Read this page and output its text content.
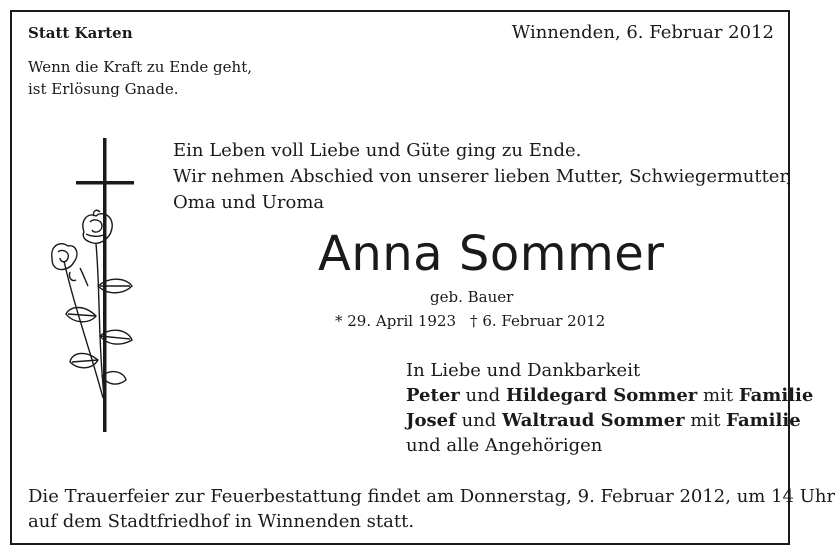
Statt Karten	Winnenden, 6. Februar 2012
Wenn die Kraft zu Ende geht,
ist Erlösung Gnade.
Ein Leben voll Liebe und Güte ging zu Ende.
Wir nehmen Abschied von unserer lieben Mutter, Schwiegermutter,
Oma und Uroma
Anna Sommer
geb. Bauer
* 29. April 1923 † 6. Februar 2012
In Liebe und Dankbarkeit
Peter und Hildegard Sommer mit Familie
Josef und Waltraud Sommer mit Familie
und alle Angehörigen
Die Trauerfeier zur Feuerbestattung findet am Donnerstag, 9. Februar 2012, um 14 Uhr
auf dem Stadtfriedhof in Winnenden statt.
